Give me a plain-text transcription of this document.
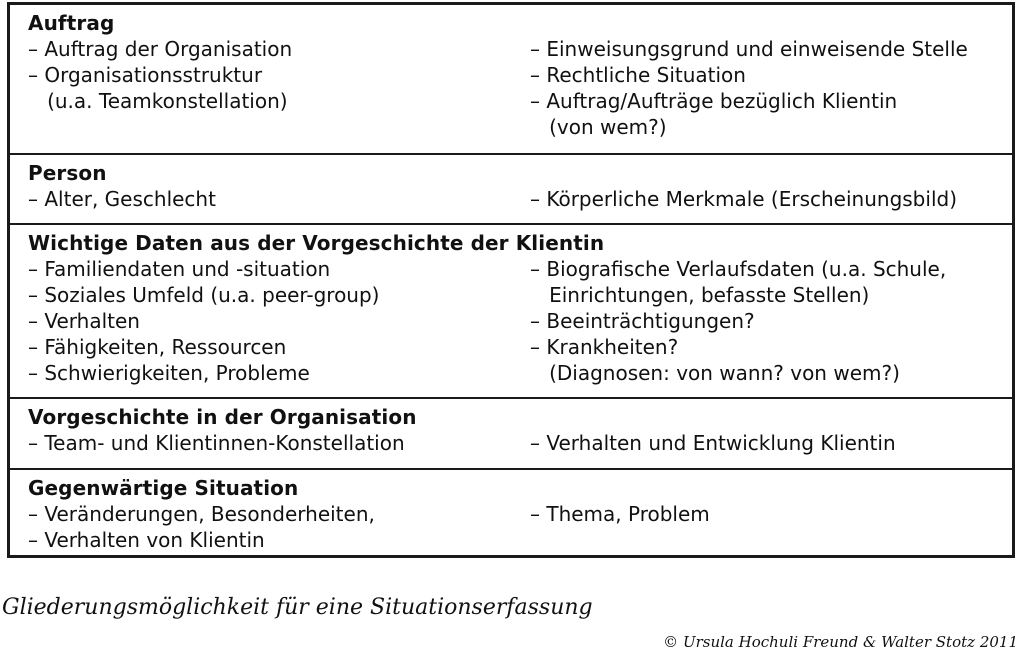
Auftrag
– Auftrag der Organisation
– Organisationsstruktur
(u.a. Teamkonstellation)
– Einweisungsgrund und einweisende Stelle
– Rechtliche Situation
– Auftrag/Aufträge bezüglich Klientin
(von wem?)
Person
– Alter, Geschlecht	– Körperliche Merkmale (Erscheinungsbild)
Wichtige Daten aus der Vorgeschichte der Klientin
– Familiendaten und -situation
– Soziales Umfeld (u.a. peer-group)
– Verhalten
– Fähigkeiten, Ressourcen
– Schwierigkeiten, Probleme
– Biografische Verlaufsdaten (u.a. Schule,
Einrichtungen, befasste Stellen)
– Beeinträchtigungen?
– Krankheiten?
(Diagnosen: von wann? von wem?)
Vorgeschichte in der Organisation
– Team- und Klientinnen-Konstellation	– Verhalten und Entwicklung Klientin
Gegenwärtige Situation
– Veränderungen, Besonderheiten,
– Verhalten von Klientin
– Thema, Problem
Gliederungsmöglichkeit für eine Situationserfassung
© Ursula Hochuli Freund & Walter Stotz 2011
